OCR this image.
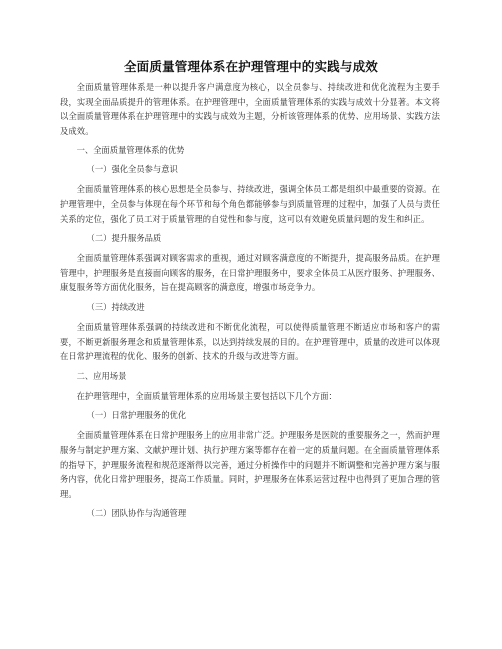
全面质量管理体系在护理管理中的实践与成效

全面质量管理体系是一种以提升客户满意度为核心，以全员参与、持续改进和优化流程为主要手段，实现全面品质提升的管理体系。在护理管理中，全面质量管理体系的实践与成效十分显著。本文将以全面质量管理体系在护理管理中的实践与成效为主题，分析该管理体系的优势、应用场景、实践方法及成效。

一、全面质量管理体系的优势
（一）强化全员参与意识

全面质量管理体系的核心思想是全员参与、持续改进，强调全体员工都是组织中最重要的资源。在护理管理中，全员参与体现在每个环节和每个角色都能够参与到质量管理的过程中，加强了人员与责任关系的定位，强化了员工对于质量管理的自觉性和参与度，这可以有效避免质量问题的发生和纠正。

（二）提升服务品质

全面质量管理体系强调对顾客需求的重视，通过对顾客满意度的不断提升，提高服务品质。在护理管理中，护理服务是直接面向顾客的服务，在日常护理服务中，要求全体员工从医疗服务、护理服务、康复服务等方面优化服务，旨在提高顾客的满意度，增强市场竞争力。

（三）持续改进

全面质量管理体系强调的持续改进和不断优化流程，可以使得质量管理不断适应市场和客户的需要，不断更新服务理念和质量管理体系，以达到持续发展的目的。在护理管理中，质量的改进可以体现在日常护理流程的优化、服务的创新、技术的升级与改进等方面。

二、应用场景

在护理管理中，全面质量管理体系的应用场景主要包括以下几个方面：

（一）日常护理服务的优化

全面质量管理体系在日常护理服务上的应用非常广泛。护理服务是医院的重要服务之一，然而护理服务与制定护理方案、文献护理计划、执行护理方案等都存在着一定的质量问题。在全面质量管理体系的指导下，护理服务流程和规范逐渐得以完善，通过分析操作中的问题并不断调整和完善护理方案与服务内容，优化日常护理服务，提高工作质量。同时，护理服务在体系运营过程中也得到了更加合理的管理。

（二）团队协作与沟通管理
